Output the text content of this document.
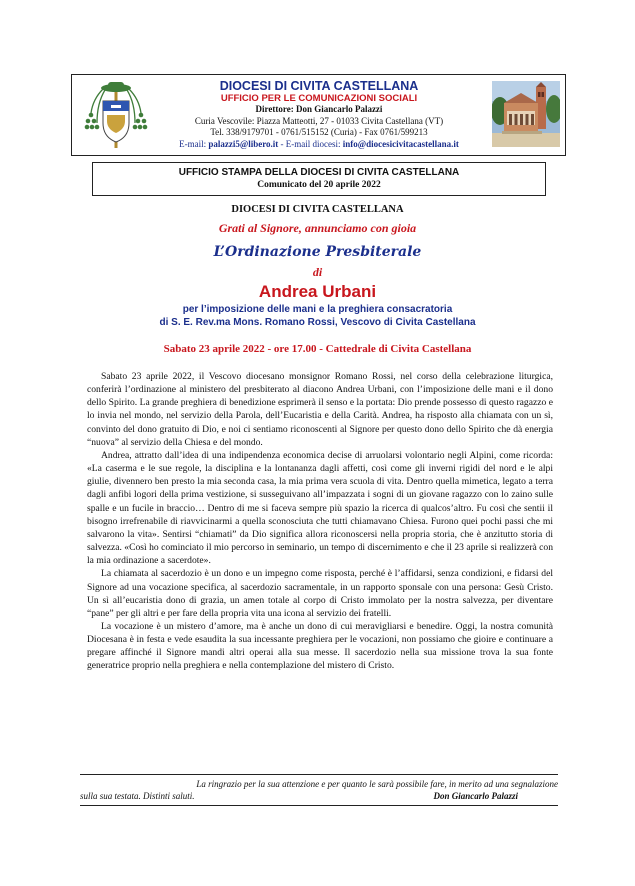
DIOCESI DI CIVITA CASTELLANA
UFFICIO PER LE COMUNICAZIONI SOCIALI
Direttore: Don Giancarlo Palazzi
Curia Vescovile: Piazza Matteotti, 27 - 01033 Civita Castellana (VT)
Tel. 338/9179701 - 0761/515152 (Curia) - Fax 0761/599213
E-mail: palazzi5@libero.it - E-mail diocesi: info@diocesicivitacastellana.it
UFFICIO STAMPA DELLA DIOCESI DI CIVITA CASTELLANA
Comunicato del 20 aprile 2022
DIOCESI DI CIVITA CASTELLANA
Grati al Signore, annunciamo con gioia
L’Ordinazione Presbiterale
di
Andrea Urbani
per l’imposizione delle mani e la preghiera consacratoria
di S. E. Rev.ma Mons. Romano Rossi, Vescovo di Civita Castellana
Sabato 23 aprile 2022 - ore 17.00 - Cattedrale di Civita Castellana

Sabato 23 aprile 2022, il Vescovo diocesano monsignor Romano Rossi, nel corso della celebrazione liturgica, conferirà l’ordinazione al ministero del presbiterato al diacono Andrea Urbani, con l’imposizione delle mani e il dono dello Spirito. La grande preghiera di benedizione esprimerà il senso e la portata: Dio prende possesso di questo ragazzo e lo invia nel mondo, nel servizio della Parola, dell’Eucaristia e della Carità. Andrea, ha risposto alla chiamata con un sì, convinto del dono gratuito di Dio, e noi ci sentiamo riconoscenti al Signore per questo dono dello Spirito che dà energia “nuova” al servizio della Chiesa e del mondo.

Andrea, attratto dall’idea di una indipendenza economica decise di arruolarsi volontario negli Alpini, come ricorda: «La caserma e le sue regole, la disciplina e la lontananza dagli affetti, così come gli inverni rigidi del nord e le alpi giulie, divennero ben presto la mia seconda casa, la mia prima vera scuola di vita. Dentro quella mimetica, legato a terra dagli anfibi logori della prima vestizione, si susseguivano all’impazzata i sogni di un giovane ragazzo con lo zaino sulle spalle e un fucile in braccio… Dentro di me si faceva sempre più spazio la ricerca di qualcos’altro. Fu così che sentii il bisogno irrefrenabile di riavvicinarmi a quella sconosciuta che tutti chiamavano Chiesa. Furono quei pochi passi che mi salvarono la vita». Sentirsi “chiamati” da Dio significa allora riconoscersi nella propria storia, che è anzitutto storia di salvezza. «Così ho cominciato il mio percorso in seminario, un tempo di discernimento e che il 23 aprile si realizzerà con la mia ordinazione a sacerdote».

La chiamata al sacerdozio è un dono e un impegno come risposta, perché è l’affidarsi, senza condizioni, e fidarsi del Signore ad una vocazione specifica, al sacerdozio sacramentale, in un rapporto sponsale con una persona: Gesù Cristo. Un sì all’eucaristia dono di grazia, un amen totale al corpo di Cristo immolato per la nostra salvezza, per diventare “pane” per gli altri e per fare della propria vita una icona al servizio dei fratelli.

La vocazione è un mistero d’amore, ma è anche un dono di cui meravigliarsi e benedire. Oggi, la nostra comunità Diocesana è in festa e vede esaudita la sua incessante preghiera per le vocazioni, non possiamo che gioire e continuare a pregare affinché il Signore mandi altri operai alla sua messe. Il sacerdozio nella sua missione trova la sua fonte generatrice proprio nella preghiera e nella contemplazione del mistero di Cristo.

La ringrazio per la sua attenzione e per quanto le sarà possibile fare, in merito ad una segnalazione
sulla sua testata. Distinti saluti.	Don Giancarlo Palazzi
